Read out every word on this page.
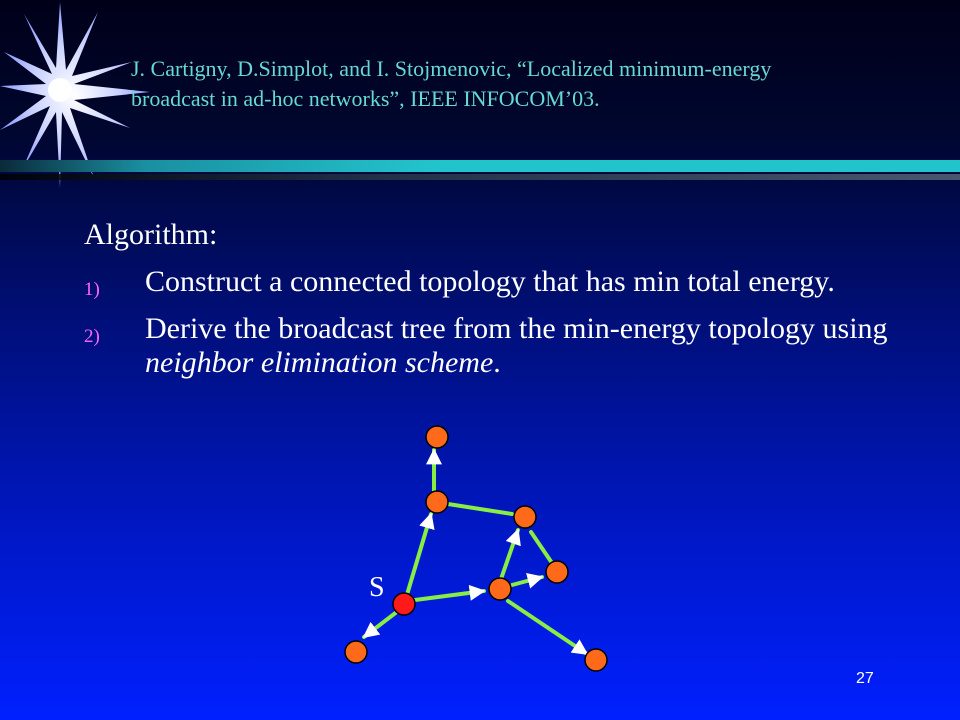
J. Cartigny, D.Simplot, and I. Stojmenovic, “Localized minimum-energy
broadcast in ad-hoc networks”, IEEE INFOCOM’03.
Algorithm:
1) Construct a connected topology that has min total energy.
2) Derive the broadcast tree from the min-energy topology using neighbor elimination scheme.
S
27
